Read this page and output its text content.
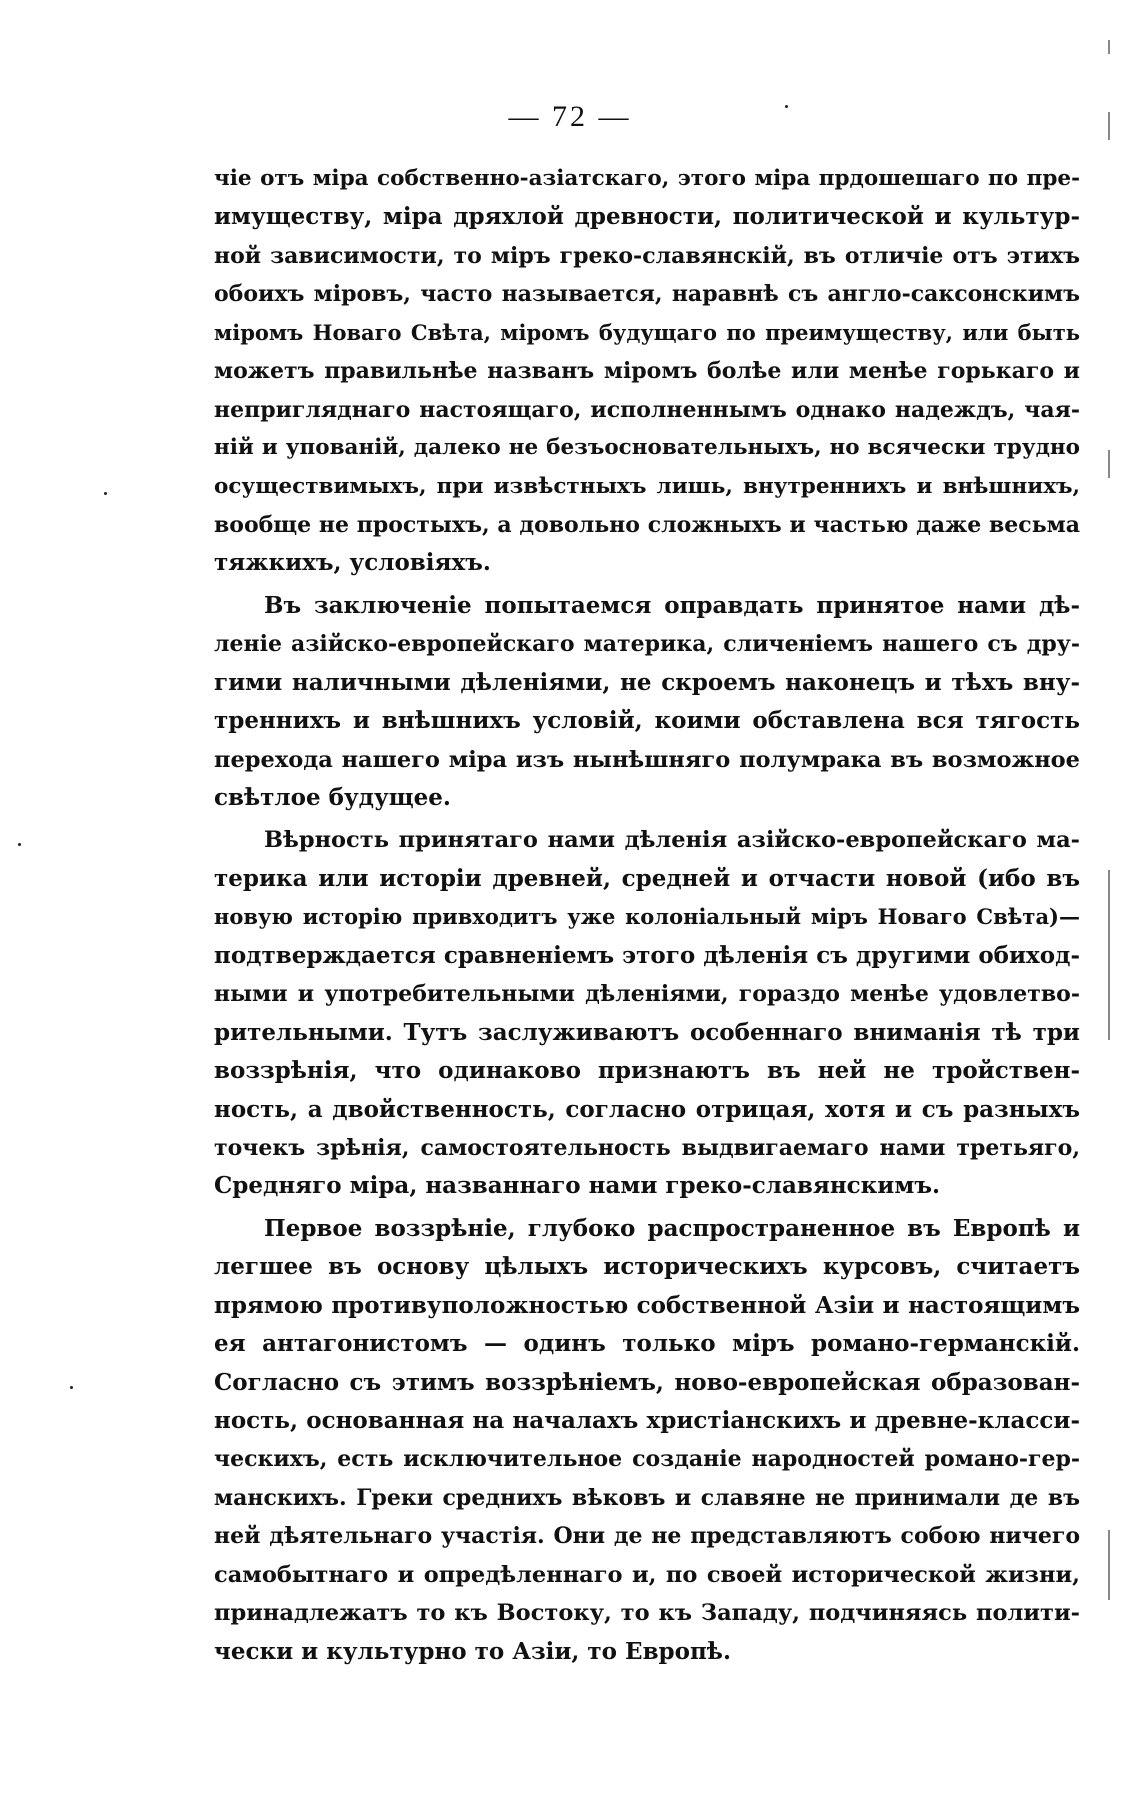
— 72 —
чіе отъ міра собственно-азіатскаго, этого міра прдошешаго по пре-
имуществу, міра дряхлой древности, политической и культур-
ной зависимости, то міръ греко-славянскій, въ отличіе отъ этихъ
обоихъ міровъ, часто называется, наравнѣ съ англо-саксонскимъ
міромъ Новаго Свѣта, міромъ будущаго по преимуществу, или быть
можетъ правильнѣе названъ міромъ болѣе или менѣе горькаго и
непригляднаго настоящаго, исполненнымъ однако надеждъ, чая-
ній и упованій, далеко не безъосновательныхъ, но всячески трудно
осуществимыхъ, при извѣстныхъ лишь, внутреннихъ и внѣшнихъ,
вообще не простыхъ, а довольно сложныхъ и частью даже весьма
тяжкихъ, условіяхъ.
Въ заключеніе попытаемся оправдать принятое нами дѣ-
леніе азійско-европейскаго материка, сличеніемъ нашего съ дру-
гими наличными дѣленіями, не скроемъ наконецъ и тѣхъ вну-
треннихъ и внѣшнихъ условій, коими обставлена вся тягость
перехода нашего міра изъ нынѣшняго полумрака въ возможное
свѣтлое будущее.
Вѣрность принятаго нами дѣленія азійско-европейскаго ма-
терика или исторіи древней, средней и отчасти новой (ибо въ
новую исторію привходитъ уже колоніальный міръ Новаго Свѣта)—
подтверждается сравненіемъ этого дѣленія съ другими обиход-
ными и употребительными дѣленіями, гораздо менѣе удовлетво-
рительными. Тутъ заслуживаютъ особеннаго вниманія тѣ три
воззрѣнія, что одинаково признаютъ въ ней не тройствен-
ность, а двойственность, согласно отрицая, хотя и съ разныхъ
точекъ зрѣнія, самостоятельность выдвигаемаго нами третьяго,
Средняго міра, названнаго нами греко-славянскимъ.
Первое воззрѣніе, глубоко распространенное въ Европѣ и
легшее въ основу цѣлыхъ историческихъ курсовъ, считаетъ
прямою противуположностью собственной Азіи и настоящимъ
ея антагонистомъ — одинъ только міръ романо-германскій.
Согласно съ этимъ воззрѣніемъ, ново-европейская образован-
ность, основанная на началахъ христіанскихъ и древне-класси-
ческихъ, есть исключительное созданіе народностей романо-гер-
манскихъ. Греки среднихъ вѣковъ и славяне не принимали де въ
ней дѣятельнаго участія. Они де не представляютъ собою ничего
самобытнаго и опредѣленнаго и, по своей исторической жизни,
принадлежатъ то къ Востоку, то къ Западу, подчиняясь полити-
чески и культурно то Азіи, то Европѣ.
